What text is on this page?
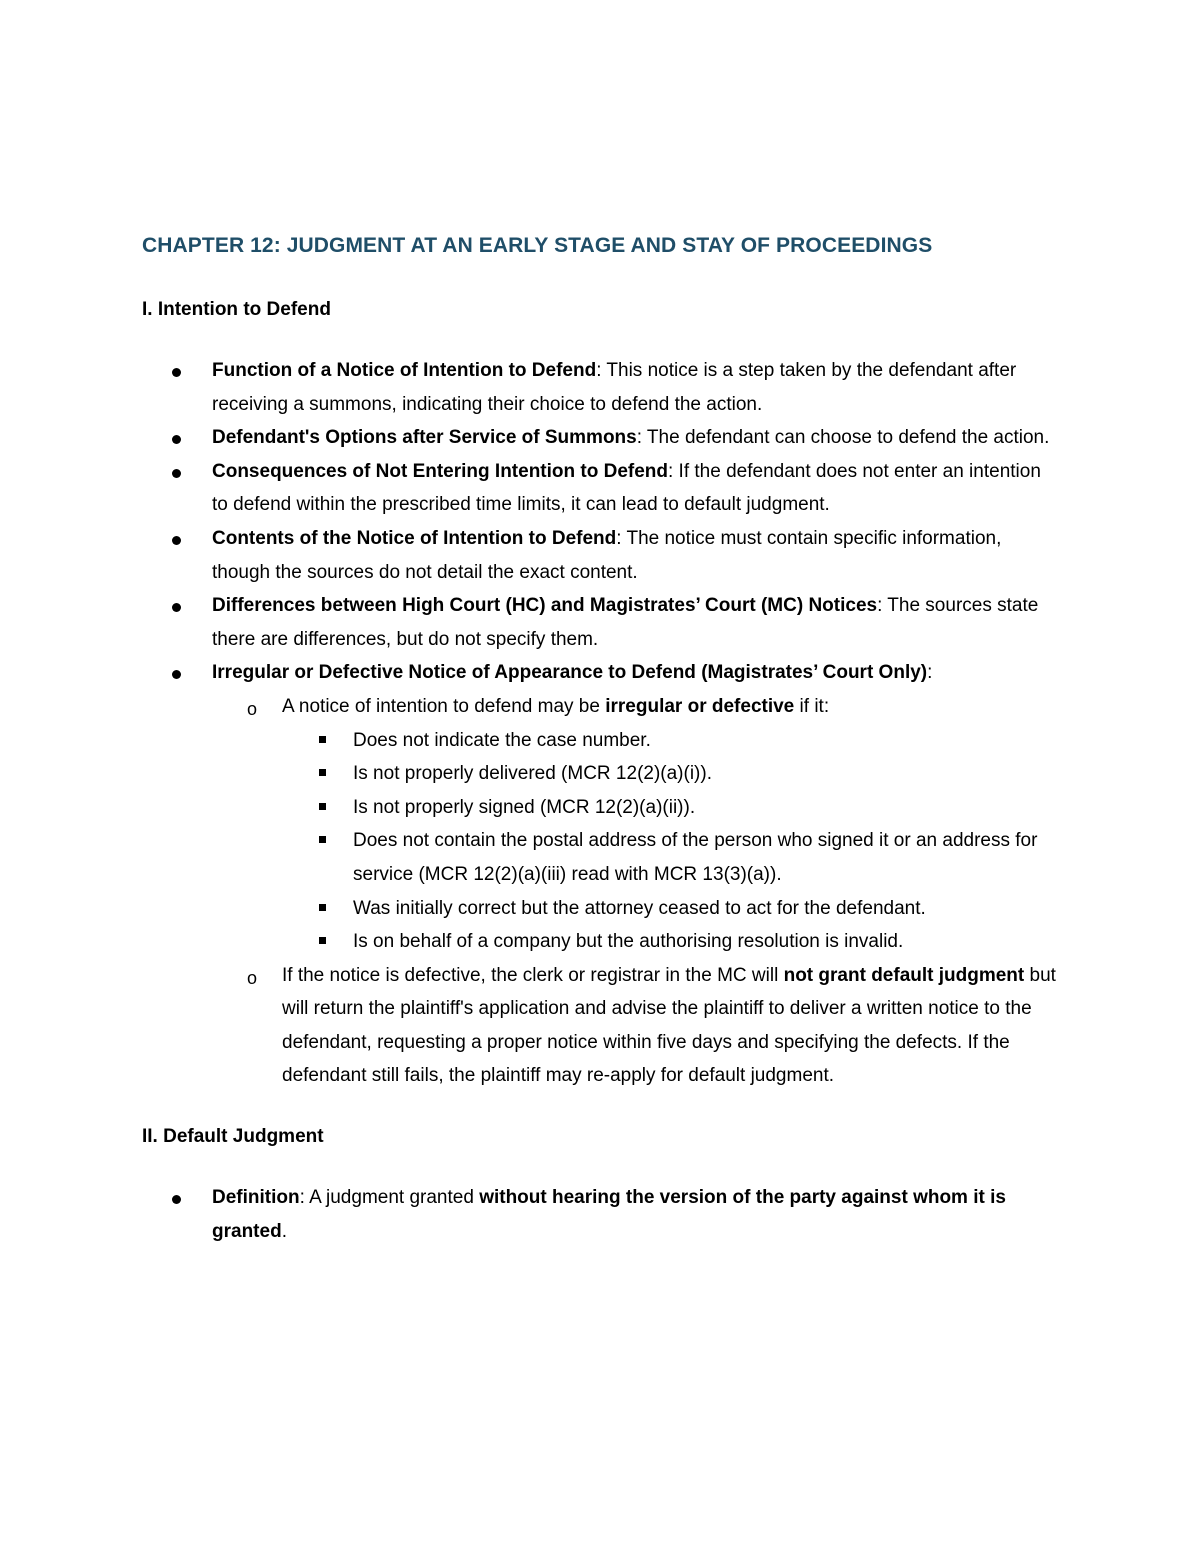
CHAPTER 12: JUDGMENT AT AN EARLY STAGE AND STAY OF PROCEEDINGS
I. Intention to Defend
Function of a Notice of Intention to Defend: This notice is a step taken by the defendant after receiving a summons, indicating their choice to defend the action.
Defendant's Options after Service of Summons: The defendant can choose to defend the action.
Consequences of Not Entering Intention to Defend: If the defendant does not enter an intention to defend within the prescribed time limits, it can lead to default judgment.
Contents of the Notice of Intention to Defend: The notice must contain specific information, though the sources do not detail the exact content.
Differences between High Court (HC) and Magistrates’ Court (MC) Notices: The sources state there are differences, but do not specify them.
Irregular or Defective Notice of Appearance to Defend (Magistrates’ Court Only):
o A notice of intention to defend may be irregular or defective if it:
Does not indicate the case number.
Is not properly delivered (MCR 12(2)(a)(i)).
Is not properly signed (MCR 12(2)(a)(ii)).
Does not contain the postal address of the person who signed it or an address for service (MCR 12(2)(a)(iii) read with MCR 13(3)(a)).
Was initially correct but the attorney ceased to act for the defendant.
Is on behalf of a company but the authorising resolution is invalid.
o If the notice is defective, the clerk or registrar in the MC will not grant default judgment but will return the plaintiff's application and advise the plaintiff to deliver a written notice to the defendant, requesting a proper notice within five days and specifying the defects. If the defendant still fails, the plaintiff may re-apply for default judgment.
II. Default Judgment
Definition: A judgment granted without hearing the version of the party against whom it is granted.
